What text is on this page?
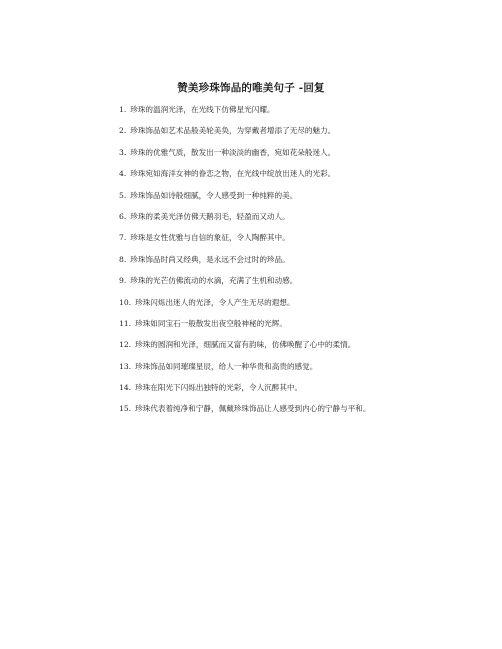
赞美珍珠饰品的唯美句子 -回复
1. 珍珠的温润光泽，在光线下仿佛星光闪耀。
2. 珍珠饰品如艺术品般美轮美奂，为穿戴者增添了无尽的魅力。
3. 珍珠的优雅气质，散发出一种淡淡的幽香，宛如花朵般迷人。
4. 珍珠宛如海洋女神的眷恋之物，在光线中绽放出迷人的光彩。
5. 珍珠饰品如诗般细腻，令人感受到一种纯粹的美。
6. 珍珠的柔美光泽仿佛天鹅羽毛，轻盈而又动人。
7. 珍珠是女性优雅与自信的象征，令人陶醉其中。
8. 珍珠饰品时尚又经典，是永远不会过时的珍品。
9. 珍珠的光芒仿佛流动的水滴，充满了生机和动感。
10. 珍珠闪烁出迷人的光泽，令人产生无尽的遐想。
11. 珍珠如同宝石一般散发出夜空般神秘的光辉。
12. 珍珠的圆润和光泽，细腻而又富有韵味，仿佛唤醒了心中的柔情。
13. 珍珠饰品如同璀璨星辰，给人一种华贵和高贵的感觉。
14. 珍珠在阳光下闪烁出独特的光彩，令人沉醉其中。
15. 珍珠代表着纯净和宁静，佩戴珍珠饰品让人感受到内心的宁静与平和。
